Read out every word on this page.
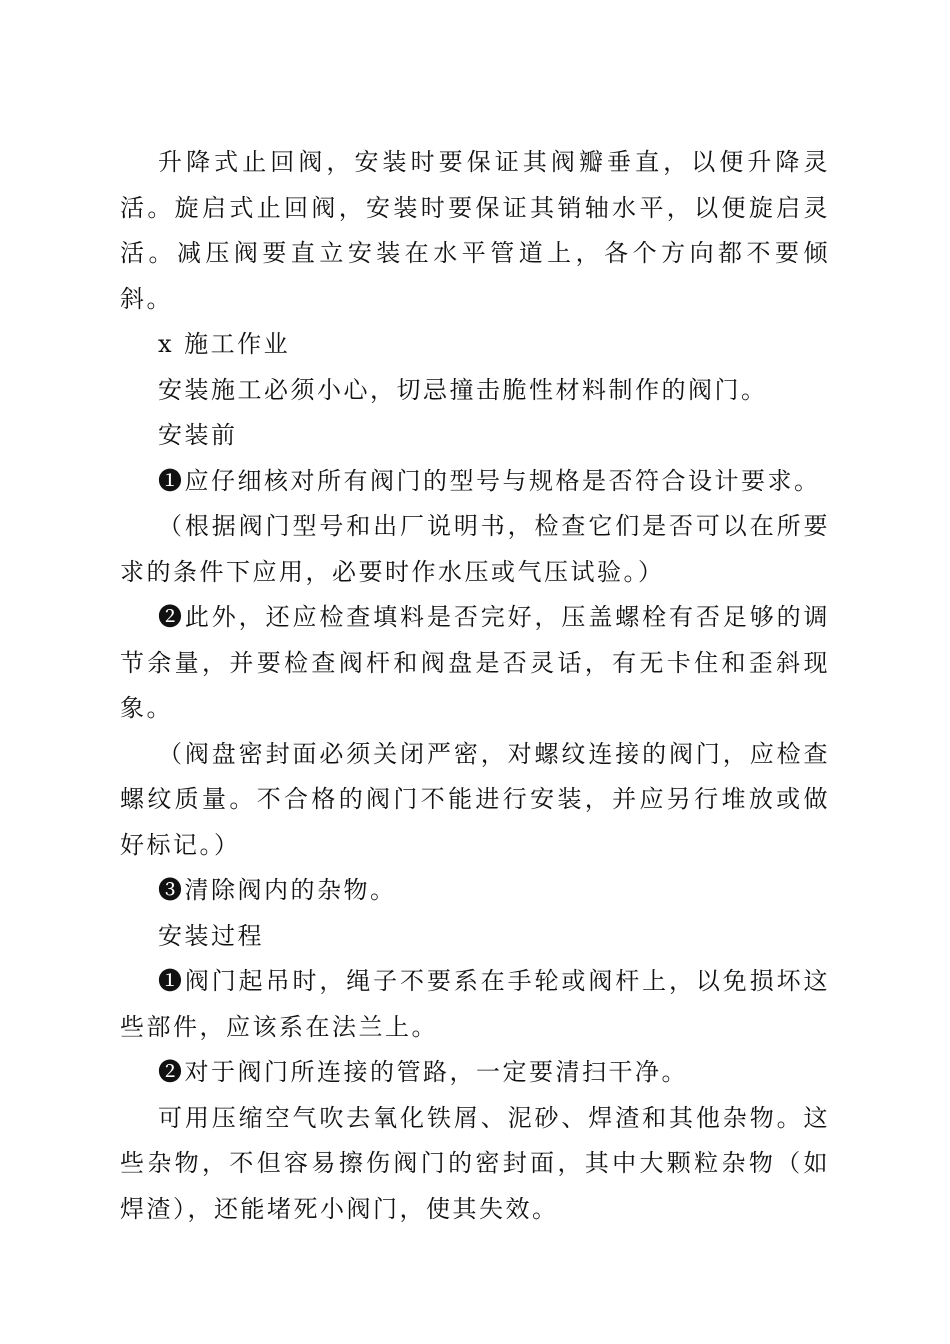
升降式止回阀，安装时要保证其阀瓣垂直，以便升降灵活。旋启式止回阀，安装时要保证其销轴水平，以便旋启灵活。减压阀要直立安装在水平管道上，各个方向都不要倾斜。

x 施工作业

安装施工必须小心，切忌撞击脆性材料制作的阀门。

安装前

❶应仔细核对所有阀门的型号与规格是否符合设计要求。

（根据阀门型号和出厂说明书，检查它们是否可以在所要求的条件下应用，必要时作水压或气压试验。）

❷此外，还应检查填料是否完好，压盖螺栓有否足够的调节余量，并要检查阀杆和阀盘是否灵话，有无卡住和歪斜现象。

（阀盘密封面必须关闭严密，对螺纹连接的阀门，应检查螺纹质量。不合格的阀门不能进行安装，并应另行堆放或做好标记。）

❸清除阀内的杂物。

安装过程

❶阀门起吊时，绳子不要系在手轮或阀杆上，以免损坏这些部件，应该系在法兰上。

❷对于阀门所连接的管路，一定要清扫干净。

可用压缩空气吹去氧化铁屑、泥砂、焊渣和其他杂物。这些杂物，不但容易擦伤阀门的密封面，其中大颗粒杂物（如焊渣），还能堵死小阀门，使其失效。
